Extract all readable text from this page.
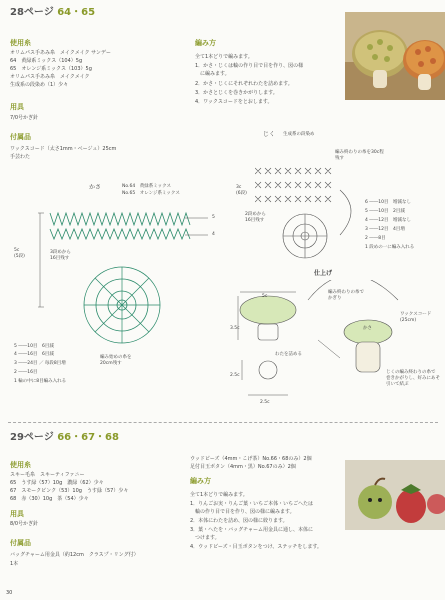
28ページ 64・65
使用糸
オリムパス手あみ糸　メイクメイク サンデー
64　黄緑系ミックス（104）5g
65　オレンジ系ミックス（103）5g
オリムパス手あみ糸　メイクメイク
生成系の段染め（1）少々
用具
7/0号かぎ針
付属品
ワックスコード（太さ1mm・ベージュ）25cm
手芸わた
編み方
全て1本どりで編みます。
1．かさ・じくは輪の作り目で目を作り、図の様
　に編みます。
2．かさ・じくにそれぞれわたを詰めます。
3．かさとじくを巻きかがりします。
4．ワックスコードをとおします。
かさ	No.64　黄緑系ミックス
No.65　オレンジ系ミックス
5c
(5段)
3段めから
16目残す
5
4
5 ――10目　6目減
4 ――16目　6目減
3 ――24目 ／ 毎段8目増
2 ――16目
1 輪の中に8目編み入れる
編み始めの糸を
20cm残す
じく 生成系の段染め
編み終わりの糸を30c程
残す
3c
(6段)
2段めから
16目残す
6 ――10目　増減なし
5 ――10目　2目減
4 ――12目　増減なし
3 ――12目　4目増
2 ――8目
1 段めの一に編み入れる
仕上げ
5c
3.5c
2.5c
2.5c
わたを詰める
かさ
ワックスコード
(25cm)
編み終わりの糸で
かぎり
じくの編み終わりの糸で
巻きかがりし、好みにあそ
引いて結ぶ
29ページ 66・67・68
使用糸
スキー毛糸　スキーティファニー
65　うす緑（57）10g　濃緑（62）少々
67　スモークピンク（53）10g　うす緑（57）少々
68　赤（30）10g　茶（54）少々
用具
8/0号かぎ針
付属品
バッグチャーム用金具（約12cm　クラスプ・リング付）
1本
ウッドビーズ（4mm・こげ茶）No.66・68のみ）2個
足付目玉ボタン（4mm・黒）No.67のみ）2個
編み方
全て1本どりで編みます。
1．りんごお実・りんご葉・いちご本体・いちごへたは
　輪の作り目で目を作り、図の様に編みます。
2．本体にわたを詰め、図の様に絞ります。
3．葉・へたを・バッグチャーム用金具に通し、本体に
　つけます。
4．ウッドビーズ・目玉ボタンをつけ、ステッチをします。
30
